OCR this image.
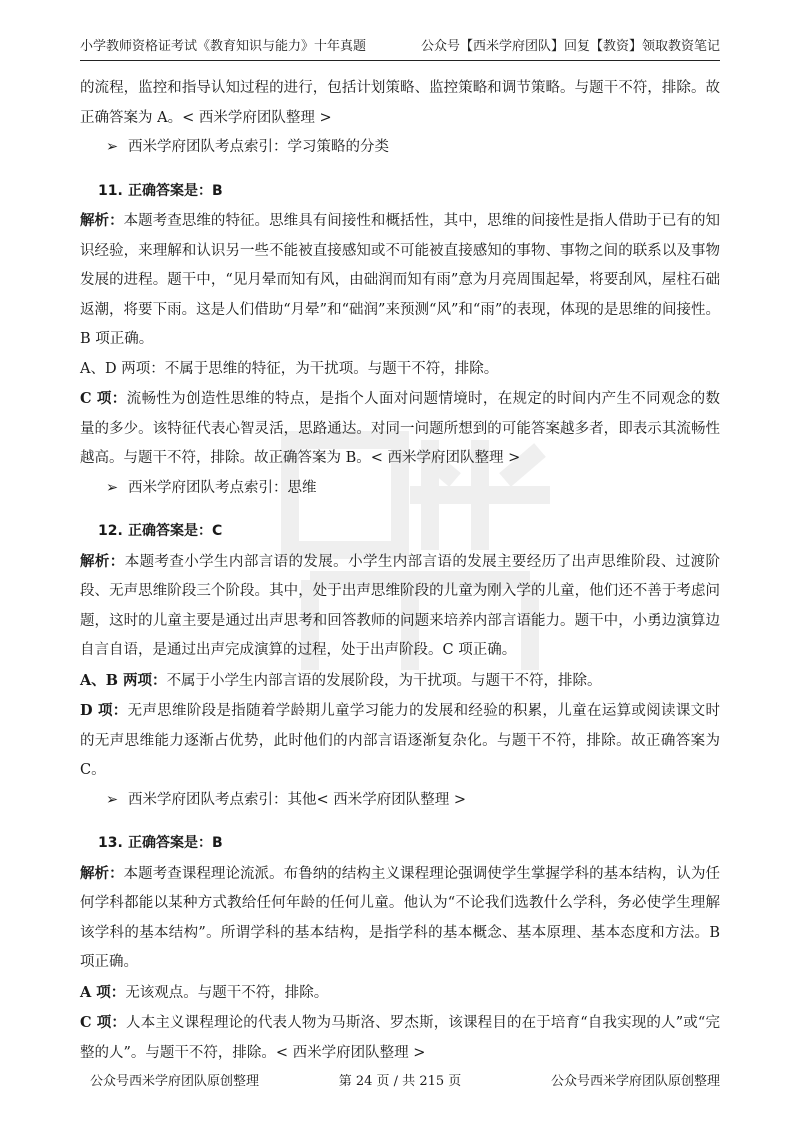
小学教师资格证考试《教育知识与能力》十年真题	公众号【西米学府团队】回复【教资】领取教资笔记

的流程，监控和指导认知过程的进行，包括计划策略、监控策略和调节策略。与题干不符，排除。故正确答案为 A。< 西米学府团队整理 >

➢ 西米学府团队考点索引：学习策略的分类

11. 正确答案是：B

解析：本题考查思维的特征。思维具有间接性和概括性，其中，思维的间接性是指人借助于已有的知识经验，来理解和认识另一些不能被直接感知或不可能被直接感知的事物、事物之间的联系以及事物发展的进程。题干中，“见月晕而知有风，由础润而知有雨”意为月亮周围起晕，将要刮风，屋柱石础返潮，将要下雨。这是人们借助“月晕”和“础润”来预测“风”和“雨”的表现，体现的是思维的间接性。B 项正确。

A、D 两项：不属于思维的特征，为干扰项。与题干不符，排除。

C 项：流畅性为创造性思维的特点，是指个人面对问题情境时，在规定的时间内产生不同观念的数量的多少。该特征代表心智灵活，思路通达。对同一问题所想到的可能答案越多者，即表示其流畅性越高。与题干不符，排除。故正确答案为 B。< 西米学府团队整理 >

➢ 西米学府团队考点索引：思维

12. 正确答案是：C

解析：本题考查小学生内部言语的发展。小学生内部言语的发展主要经历了出声思维阶段、过渡阶段、无声思维阶段三个阶段。其中，处于出声思维阶段的儿童为刚入学的儿童，他们还不善于考虑问题，这时的儿童主要是通过出声思考和回答教师的问题来培养内部言语能力。题干中，小勇边演算边自言自语，是通过出声完成演算的过程，处于出声阶段。C 项正确。

A、B 两项：不属于小学生内部言语的发展阶段，为干扰项。与题干不符，排除。

D 项：无声思维阶段是指随着学龄期儿童学习能力的发展和经验的积累，儿童在运算或阅读课文时的无声思维能力逐渐占优势，此时他们的内部言语逐渐复杂化。与题干不符，排除。故正确答案为 C。

➢ 西米学府团队考点索引：其他< 西米学府团队整理 >

13. 正确答案是：B

解析：本题考查课程理论流派。布鲁纳的结构主义课程理论强调使学生掌握学科的基本结构，认为任何学科都能以某种方式教给任何年龄的任何儿童。他认为“不论我们选教什么学科，务必使学生理解该学科的基本结构”。所谓学科的基本结构，是指学科的基本概念、基本原理、基本态度和方法。B 项正确。

A 项：无该观点。与题干不符，排除。

C 项：人本主义课程理论的代表人物为马斯洛、罗杰斯，该课程目的在于培育“自我实现的人”或“完整的人”。与题干不符，排除。< 西米学府团队整理 >

公众号西米学府团队原创整理	第 24 页 / 共 215 页	公众号西米学府团队原创整理
